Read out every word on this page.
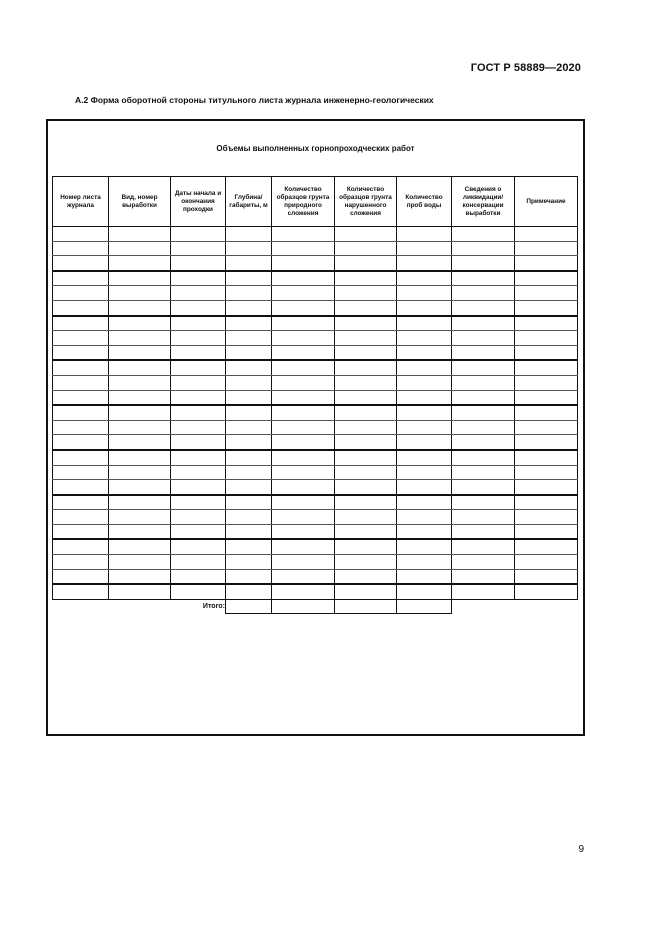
ГОСТ Р 58889—2020
А.2 Форма оборотной стороны титульного листа журнала инженерно-геологических
Объемы выполненных горнопроходческих работ
Номер листа журнала	Вид, номер выработки	Даты начала и окончания проходки	Глубина/ габариты, м	Количество образцов грунта природного сложения	Количество образцов грунта нарушенного сложения	Количество проб воды	Сведения о ликвидации/ консервации выработки	Примечание

Итого:								
9
